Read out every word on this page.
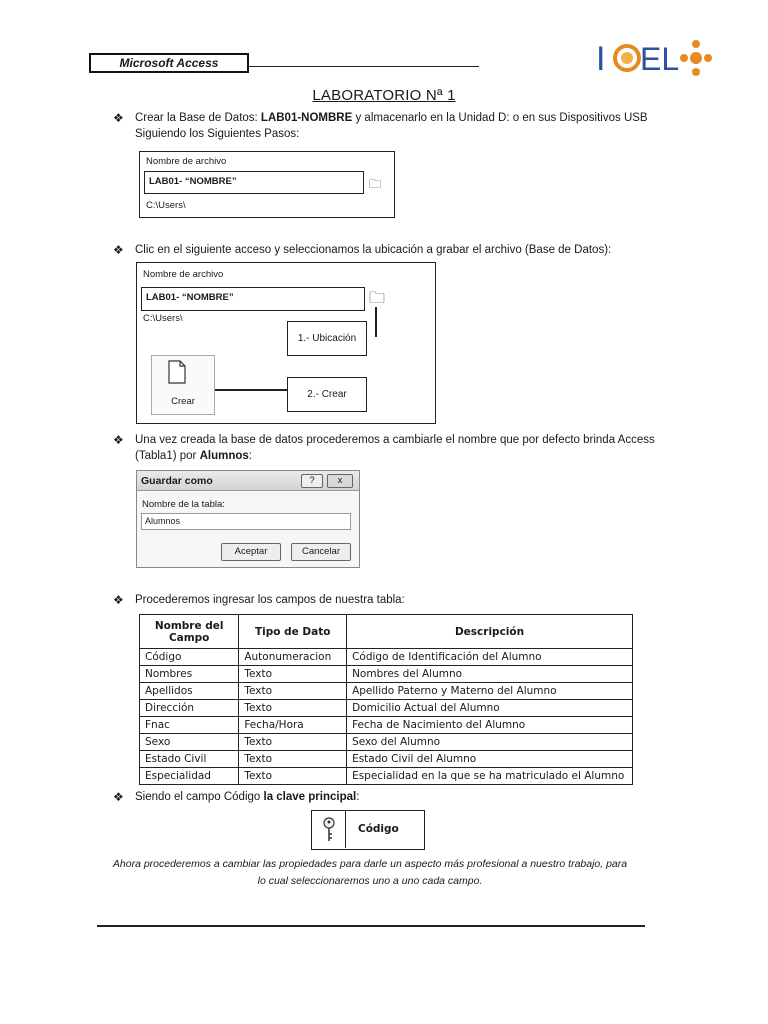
Microsoft Access	I EL
LABORATORIO Nª 1
❖ Crear la Base de Datos: LAB01-NOMBRE y almacenarlo en la Unidad D: o en sus Dispositivos USB
Siguiendo los Siguientes Pasos:
Nombre de archivo
LAB01- “NOMBRE”	🗀
C:\Users\
❖ Clic en el siguiente acceso y seleccionamos la ubicación a grabar el archivo (Base de Datos):
Nombre de archivo
LAB01- “NOMBRE”	🗀
C:\Users\
1.- Ubicación
2.- Crear
Crear
❖ Una vez creada la base de datos procederemos a cambiarle el nombre que por defecto brinda Access
(Tabla1) por Alumnos:
Guardar como	?	x
Nombre de la tabla:
Alumnos
Aceptar	Cancelar
❖ Procederemos ingresar los campos de nuestra tabla:
Nombre del Campo	Tipo de Dato	Descripción
Código	Autonumeracion	Código de Identificación del Alumno
Nombres	Texto	Nombres del Alumno
Apellidos	Texto	Apellido Paterno y Materno del Alumno
Dirección	Texto	Domicilio Actual del Alumno
Fnac	Fecha/Hora	Fecha de Nacimiento del Alumno
Sexo	Texto	Sexo del Alumno
Estado Civil	Texto	Estado Civil del Alumno
Especialidad	Texto	Especialidad en la que se ha matriculado el Alumno
❖ Siendo el campo Código la clave principal:
Código
Ahora procederemos a cambiar las propiedades para darle un aspecto más profesional a nuestro trabajo, para
lo cual seleccionaremos uno a uno cada campo.
